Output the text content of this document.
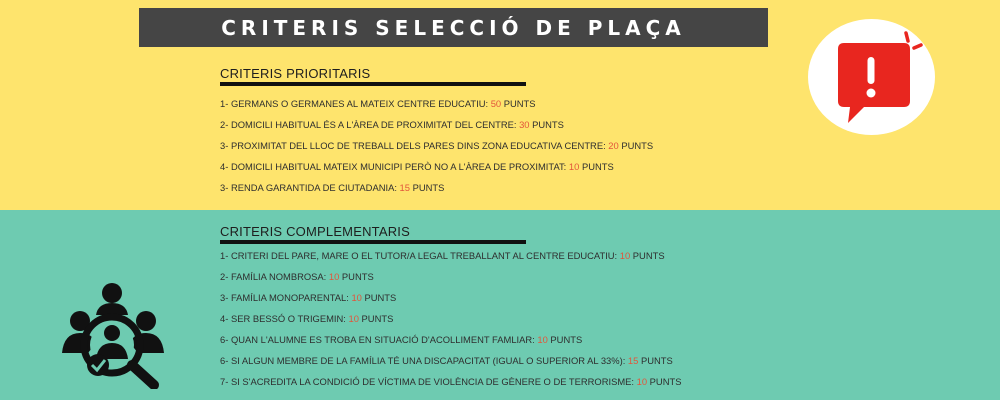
CRITERIS SELECCIÓ DE PLAÇA
CRITERIS PRIORITARIS
1- GERMANS O GERMANES AL MATEIX CENTRE EDUCATIU: 50 PUNTS
2- DOMICILI HABITUAL ÉS A L'ÀREA DE PROXIMITAT DEL CENTRE: 30 PUNTS
3- PROXIMITAT DEL LLOC DE TREBALL DELS PARES DINS ZONA EDUCATIVA CENTRE: 20 PUNTS
4- DOMICILI HABITUAL MATEIX MUNICIPI PERÒ NO A L'ÀREA DE PROXIMITAT: 10 PUNTS
3- RENDA GARANTIDA DE CIUTADANIA: 15 PUNTS
CRITERIS COMPLEMENTARIS
1- CRITERI DEL PARE, MARE O EL TUTOR/A LEGAL TREBALLANT AL CENTRE EDUCATIU: 10 PUNTS
2- FAMÍLIA NOMBROSA: 10 PUNTS
3- FAMÍLIA MONOPARENTAL: 10 PUNTS
4- SER BESSÓ O TRIGEMIN: 10 PUNTS
6- QUAN L'ALUMNE ES TROBA EN SITUACIÓ D'ACOLLIMENT FAMLIAR: 10 PUNTS
6- SI ALGUN MEMBRE DE LA FAMÍLIA TÉ UNA DISCAPACITAT (IGUAL O SUPERIOR AL 33%): 15 PUNTS
7- SI S'ACREDITA LA CONDICIÓ DE VÍCTIMA DE VIOLÈNCIA DE GÈNERE O DE TERRORISME: 10 PUNTS
